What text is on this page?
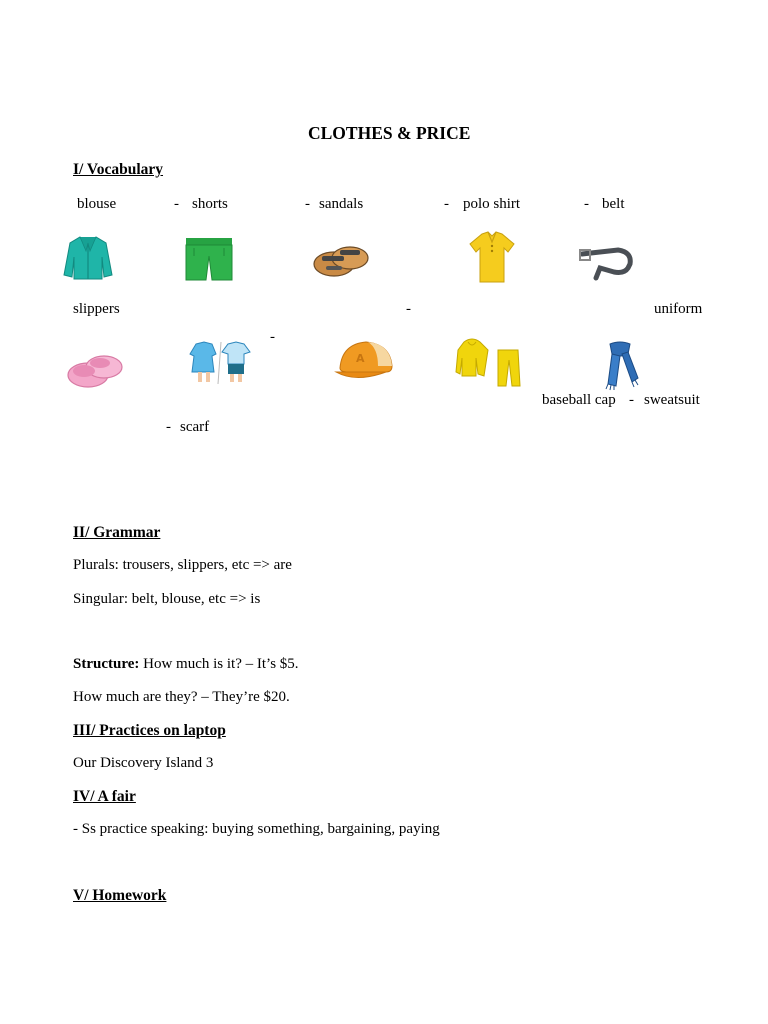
CLOTHES & PRICE
I/ Vocabulary
blouse	- shorts	- sandals	- polo shirt	- belt
slippers	-	uniform
-
A
baseball cap - sweatsuit
- scarf
II/ Grammar
Plurals: trousers, slippers, etc => are
Singular: belt, blouse, etc => is
Structure: How much is it? – It’s $5.
How much are they? – They’re $20.
III/ Practices on laptop
Our Discovery Island 3
IV/ A fair
- Ss practice speaking: buying something, bargaining, paying
V/ Homework
